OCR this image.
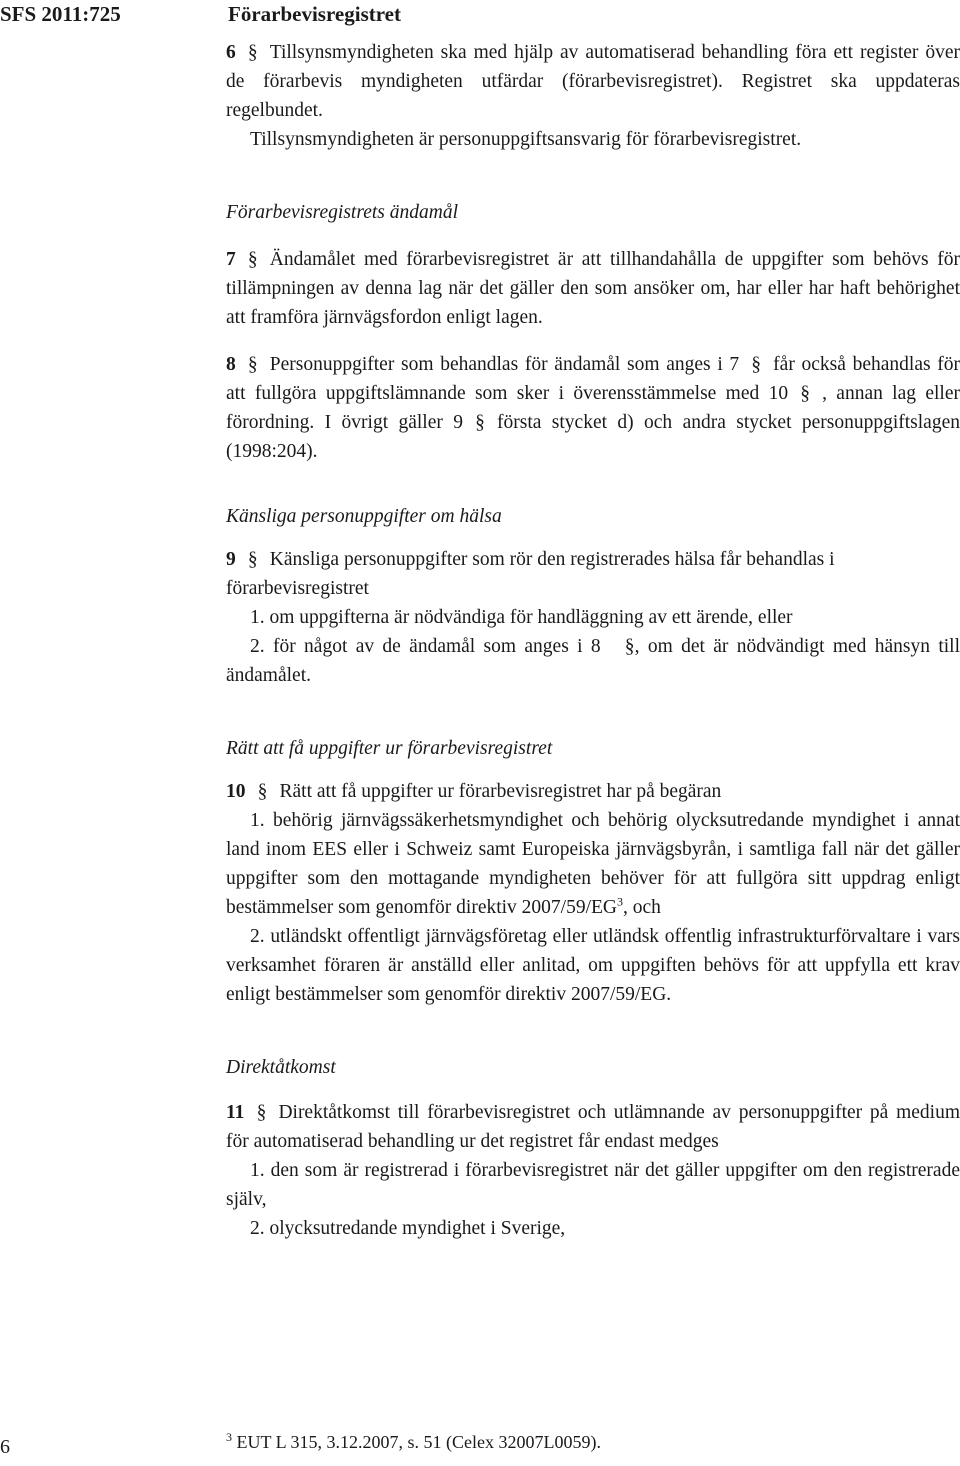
SFS 2011:725	Förarbevisregistret

6 § Tillsynsmyndigheten ska med hjälp av automatiserad behandling föra ett register över de förarbevis myndigheten utfärdar (förarbevisregistret). Registret ska uppdateras regelbundet.

Tillsynsmyndigheten är personuppgiftsansvarig för förarbevisregistret.

Förarbevisregistrets ändamål

7 § Ändamålet med förarbevisregistret är att tillhandahålla de uppgifter som behövs för tillämpningen av denna lag när det gäller den som ansöker om, har eller har haft behörighet att framföra järnvägsfordon enligt lagen.

8 § Personuppgifter som behandlas för ändamål som anges i 7 § får också behandlas för att fullgöra uppgiftslämnande som sker i överensstämmelse med 10 § , annan lag eller förordning. I övrigt gäller 9 § första stycket d) och andra stycket personuppgiftslagen (1998:204).

Känsliga personuppgifter om hälsa

9 § Känsliga personuppgifter som rör den registrerades hälsa får behandlas i förarbevisregistret

1. om uppgifterna är nödvändiga för handläggning av ett ärende, eller

2. för något av de ändamål som anges i 8 §, om det är nödvändigt med hänsyn till ändamålet.

Rätt att få uppgifter ur förarbevisregistret

10 § Rätt att få uppgifter ur förarbevisregistret har på begäran

1. behörig järnvägssäkerhetsmyndighet och behörig olycksutredande myndighet i annat land inom EES eller i Schweiz samt Europeiska järnvägsbyrån, i samtliga fall när det gäller uppgifter som den mottagande myndigheten behöver för att fullgöra sitt uppdrag enligt bestämmelser som genomför direktiv $2007/59/EG^3$, och

2. utländskt offentligt järnvägsföretag eller utländsk offentlig infrastrukturförvaltare i vars verksamhet föraren är anställd eller anlitad, om uppgiften behövs för att uppfylla ett krav enligt bestämmelser som genomför direktiv 2007/59/EG.

Direktåtkomst

11 § Direktåtkomst till förarbevisregistret och utlämnande av personuppgifter på medium för automatiserad behandling ur det registret får endast medges

1. den som är registrerad i förarbevisregistret när det gäller uppgifter om den registrerade själv,

2. olycksutredande myndighet i Sverige,

6	$^3$ EUT L 315, 3.12.2007, s. 51 (Celex 32007L0059).
